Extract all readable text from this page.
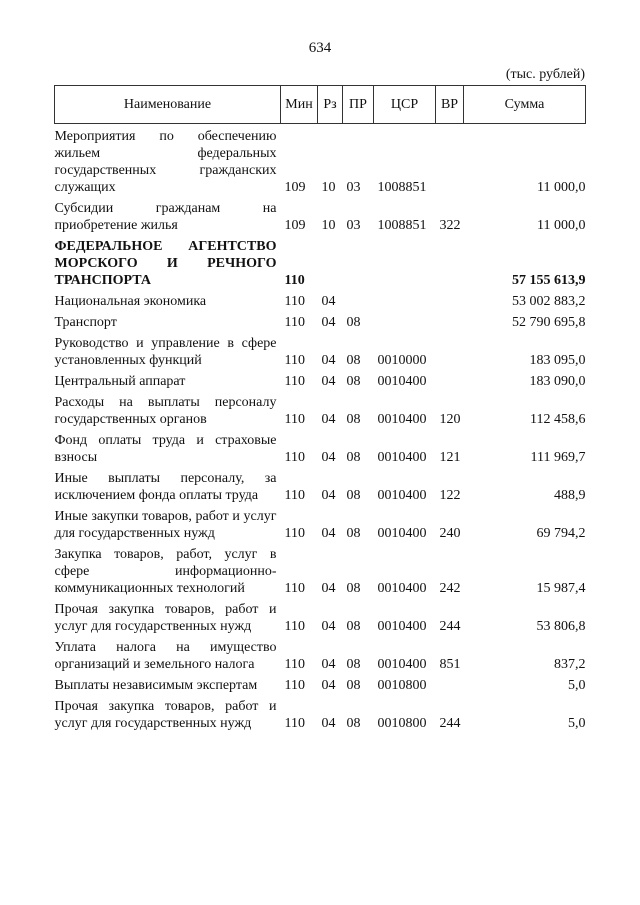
634
(тыс. рублей)
Наименование	Мин	Рз	ПР	ЦСР	ВР	Сумма
Мероприятия по обеспечению жильем федеральных государственных гражданских служащих	109	10	03	1008851		11 000,0
Субсидии гражданам на приобретение жилья	109	10	03	1008851	322	11 000,0
ФЕДЕРАЛЬНОЕ АГЕНТСТВО МОРСКОГО И РЕЧНОГО ТРАНСПОРТА	110					57 155 613,9
Национальная экономика	110	04				53 002 883,2
Транспорт	110	04	08			52 790 695,8
Руководство и управление в сфере установленных функций	110	04	08	0010000		183 095,0
Центральный аппарат	110	04	08	0010400		183 090,0
Расходы на выплаты персоналу государственных органов	110	04	08	0010400	120	112 458,6
Фонд оплаты труда и страховые взносы	110	04	08	0010400	121	111 969,7
Иные выплаты персоналу, за исключением фонда оплаты труда	110	04	08	0010400	122	488,9
Иные закупки товаров, работ и услуг для государственных нужд	110	04	08	0010400	240	69 794,2
Закупка товаров, работ, услуг в сфере информационно-коммуникационных технологий	110	04	08	0010400	242	15 987,4
Прочая закупка товаров, работ и услуг для государственных нужд	110	04	08	0010400	244	53 806,8
Уплата налога на имущество организаций и земельного налога	110	04	08	0010400	851	837,2
Выплаты независимым экспертам	110	04	08	0010800		5,0
Прочая закупка товаров, работ и услуг для государственных нужд	110	04	08	0010800	244	5,0
